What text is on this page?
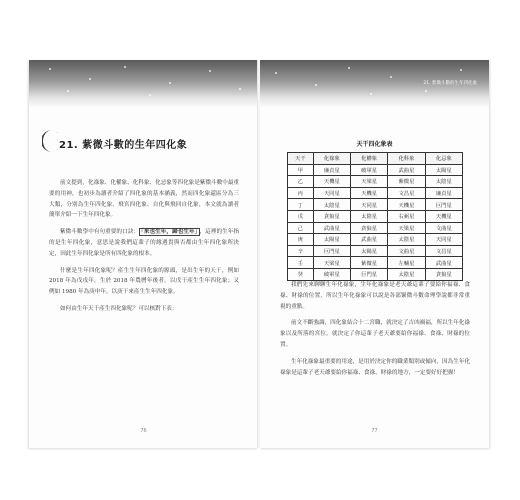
21. 紫微斗數的生年四化象

前文提到，化祿象、化權象、化科象、化忌象等四化象是紫微斗數中最重要的用神，也初步為讀者介紹了四化象的基本涵義，然而四化象還區分為三大類，分別為生年四化象、飛宮四化象、自化與飛回自化象，本文就為讀者簡單介紹一下生年四化象。

紫微斗數學中有句重要的口訣： 「來也生年，歸也生年」 ，這裡的生年指的是生年四化象，意思是說我們這輩子的緣遇貴與否都由生年四化象所決定，因此生年四化象是所有四化象的根本。

什麼是生年四化象呢？產生生年四化象的源頭，是出生年的天干，例如 2018 年為戊戌年，生於 2018 年農曆年後者，以戊干產生生年四化象；又例如 1980 年為庚申年，以庚干來產生生年四化象。

如何由生年天干產生四化象呢？可以核對下表：

76
21. 紫微斗數的生年四化象
天干四化象表
天干	化祿象	化權象	化科象	化忌象
甲	廉貞星	破軍星	武曲星	太陽星
乙	天機星	天梁星	紫微星	太陰星
丙	天同星	天機星	文昌星	廉貞星
丁	太陰星	天同星	天機星	巨門星
戊	貪狼星	太陰星	右弼星	天機星
己	武曲星	貪狼星	天梁星	文曲星
庚	太陽星	武曲星	太陰星	天同星
辛	巨門星	太陽星	文曲星	文昌星
壬	天梁星	紫微星	左輔星	武曲星
癸	破軍星	巨門星	太陰星	貪狼星

我們先來聊聊生年化祿象，生年化祿象是老天爺這輩子要給你福祿、食祿、財祿的位置，所以生年化祿象可以說是各部緊微斗數命理學說都非常重視的重點。

前文不斷強調，四化象結合十二宮職，就決定了吉凶禍福，所以生年化祿象以及所落的宮位，就決定了你這輩子老天爺要給你福祿、食祿、財祿的位置。

生年化祿象最重要的用途，是用於決定你的職業類別或傾向，因為生年化祿象是這輩子老天爺要給你福祿、食祿、財祿的地方，一定要好好把握！

77
